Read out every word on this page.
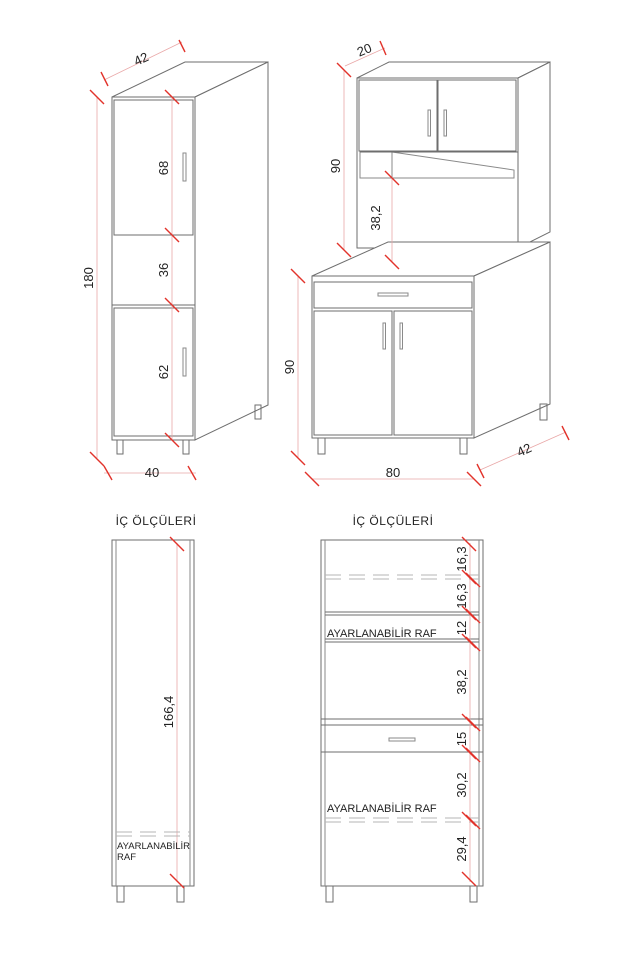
42
180
68
36
62
40
20
90
38,2
90
80
42
İÇ ÖLÇÜLERİ
166,4
AYARLANABİLİR
RAF
İÇ ÖLÇÜLERİ
16,3
16,3
12
38,2
15
30,2
29,4
AYARLANABİLİR RAF
AYARLANABİLİR RAF
